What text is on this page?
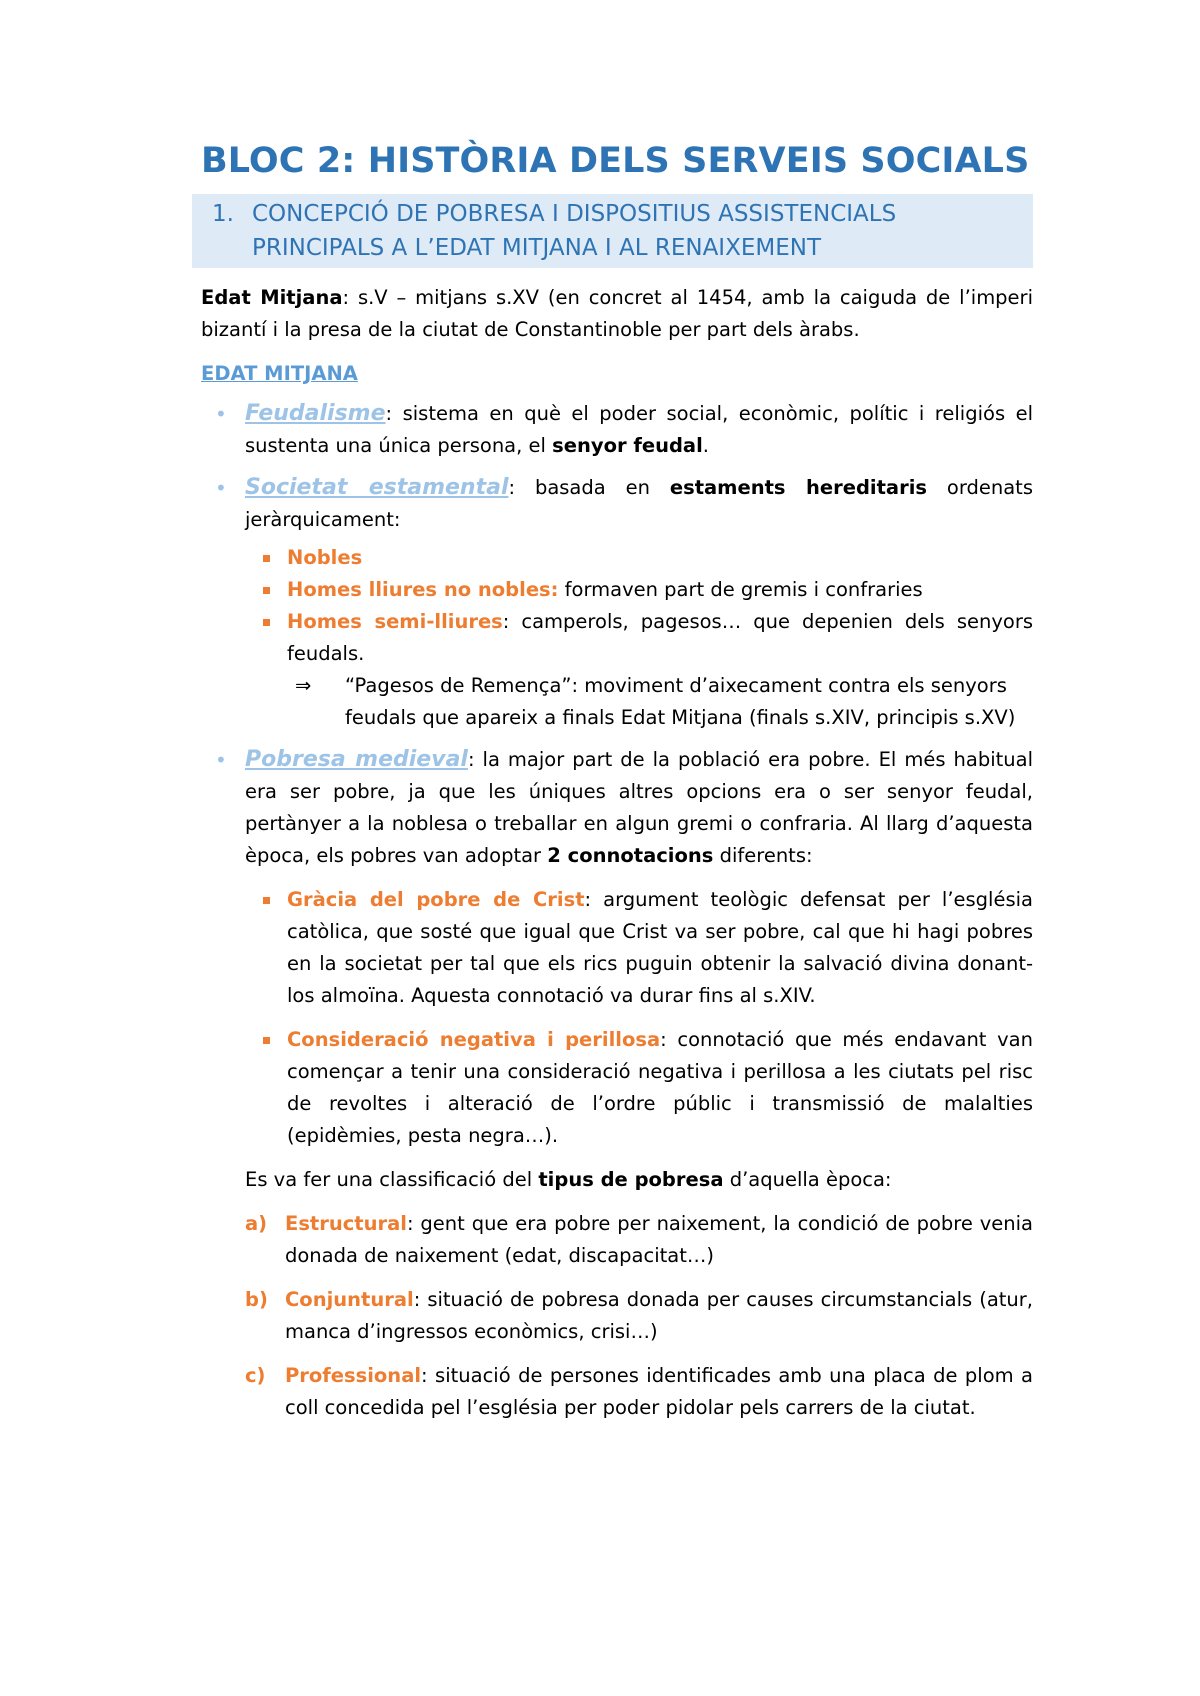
BLOC 2: HISTÒRIA DELS SERVEIS SOCIALS
1. CONCEPCIÓ DE POBRESA I DISPOSITIUS ASSISTENCIALS PRINCIPALS A L’EDAT MITJANA I AL RENAIXEMENT

Edat Mitjana: s.V – mitjans s.XV (en concret al 1454, amb la caiguda de l’imperi bizantí i la presa de la ciutat de Constantinoble per part dels àrabs.

EDAT MITJANA

• Feudalisme: sistema en què el poder social, econòmic, polític i religiós el sustenta una única persona, el senyor feudal.

• Societat estamental: basada en estaments hereditaris ordenats jeràrquicament:

Nobles

Homes lliures no nobles: formaven part de gremis i confraries

Homes semi-lliures: camperols, pagesos… que depenien dels senyors feudals.

⇒ “Pagesos de Remença”: moviment d’aixecament contra els senyors feudals que apareix a finals Edat Mitjana (finals s.XIV, principis s.XV)

• Pobresa medieval: la major part de la població era pobre. El més habitual era ser pobre, ja que les úniques altres opcions era o ser senyor feudal, pertànyer a la noblesa o treballar en algun gremi o confraria. Al llarg d’aquesta època, els pobres van adoptar 2 connotacions diferents:

Gràcia del pobre de Crist: argument teològic defensat per l’església catòlica, que sosté que igual que Crist va ser pobre, cal que hi hagi pobres en la societat per tal que els rics puguin obtenir la salvació divina donant-los almoïna. Aquesta connotació va durar fins al s.XIV.

Consideració negativa i perillosa: connotació que més endavant van començar a tenir una consideració negativa i perillosa a les ciutats pel risc de revoltes i alteració de l’ordre públic i transmissió de malalties (epidèmies, pesta negra…).

Es va fer una classificació del tipus de pobresa d’aquella època:

a) Estructural: gent que era pobre per naixement, la condició de pobre venia donada de naixement (edat, discapacitat…)

b) Conjuntural: situació de pobresa donada per causes circumstancials (atur, manca d’ingressos econòmics, crisi…)

c) Professional: situació de persones identificades amb una placa de plom a coll concedida pel l’església per poder pidolar pels carrers de la ciutat.
